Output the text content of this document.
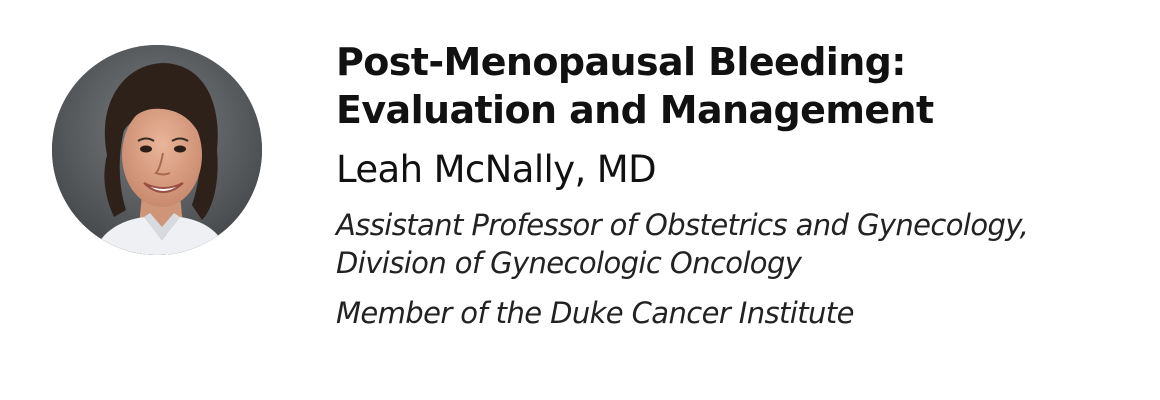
Post-Menopausal Bleeding:
Evaluation and Management
Leah McNally, MD
Assistant Professor of Obstetrics and Gynecology,
Division of Gynecologic Oncology
Member of the Duke Cancer Institute
